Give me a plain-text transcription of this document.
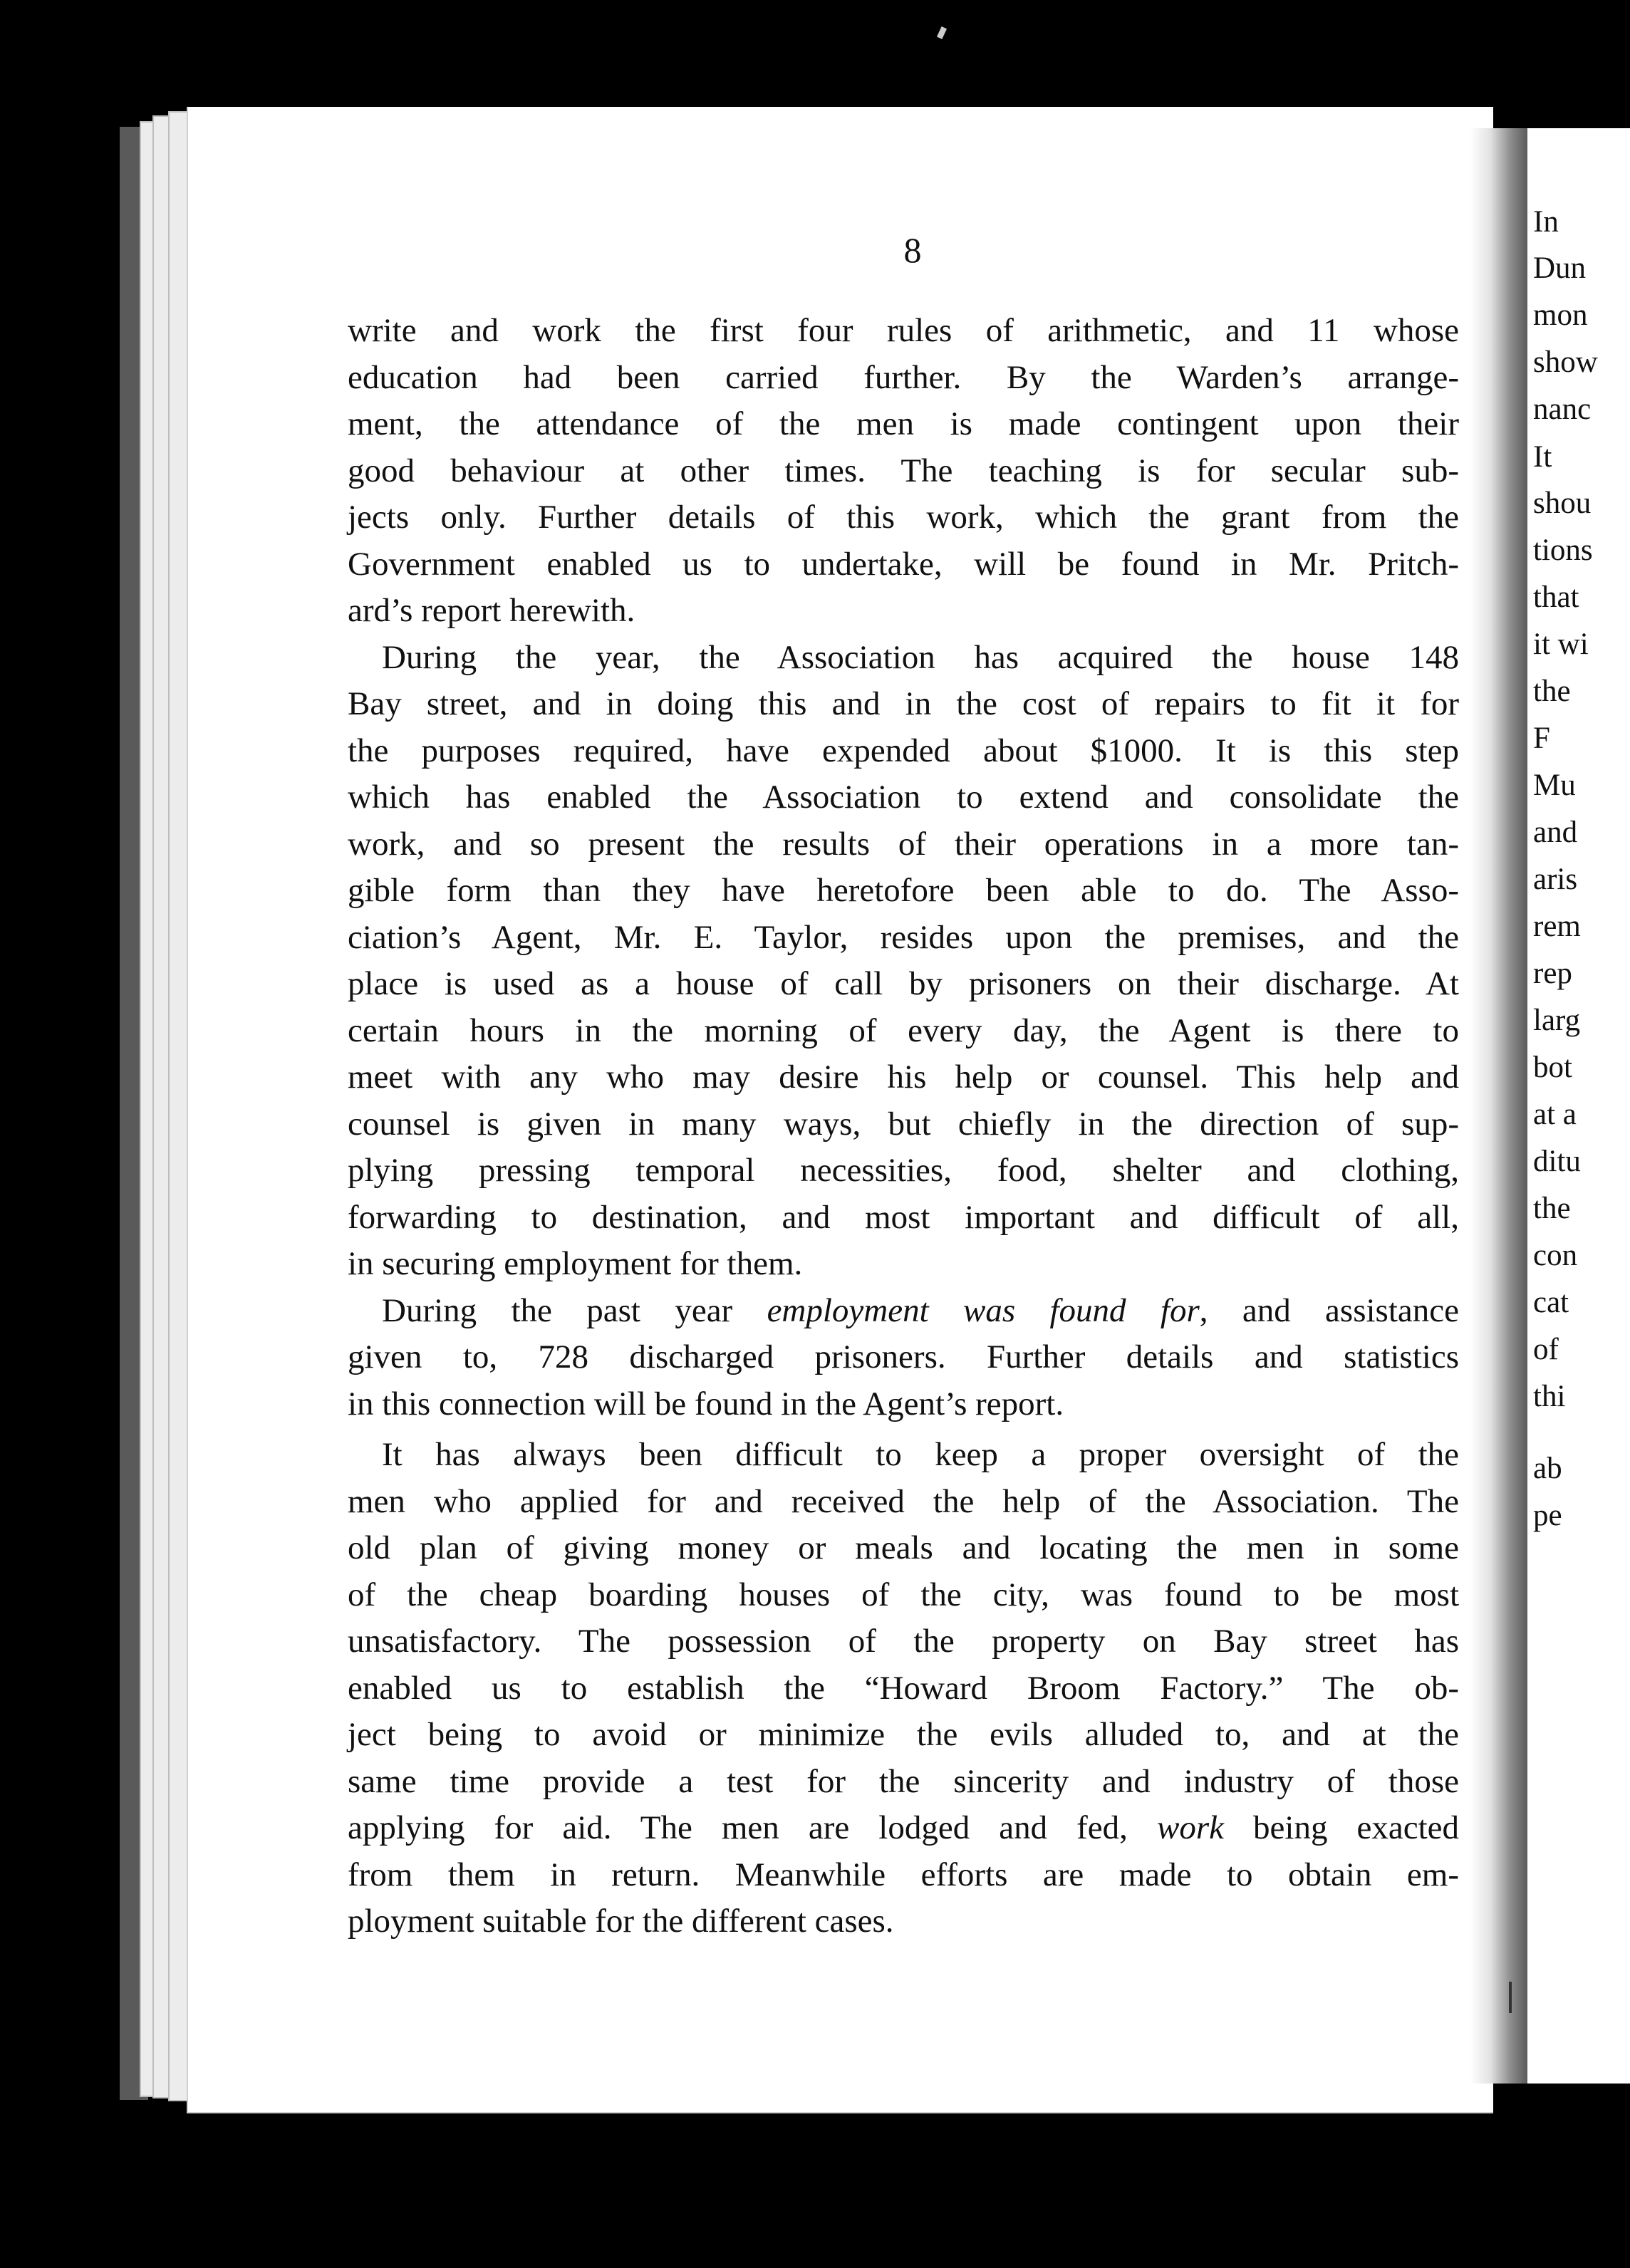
In
Dun
mon
show
nanc
It
shou
tions
that
it wi
the
F
Mu
and
aris
rem
rep
larg
bot
at a
ditu
the
con
cat
of
thi
ab
pe
8
write and work the first four rules of arithmetic, and 11 whose
education had been carried further. By the Warden’s arrange-
ment, the attendance of the men is made contingent upon their
good behaviour at other times. The teaching is for secular sub-
jects only. Further details of this work, which the grant from the
Government enabled us to undertake, will be found in Mr. Pritch-
ard’s report herewith.
During the year, the Association has acquired the house 148
Bay street, and in doing this and in the cost of repairs to fit it for
the purposes required, have expended about $1000. It is this step
which has enabled the Association to extend and consolidate the
work, and so present the results of their operations in a more tan-
gible form than they have heretofore been able to do. The Asso-
ciation’s Agent, Mr. E. Taylor, resides upon the premises, and the
place is used as a house of call by prisoners on their discharge. At
certain hours in the morning of every day, the Agent is there to
meet with any who may desire his help or counsel. This help and
counsel is given in many ways, but chiefly in the direction of sup-
plying pressing temporal necessities, food, shelter and clothing,
forwarding to destination, and most important and difficult of all,
in securing employment for them.
During the past year employment was found for, and assistance
given to, 728 discharged prisoners. Further details and statistics
in this connection will be found in the Agent’s report.
It has always been difficult to keep a proper oversight of the
men who applied for and received the help of the Association. The
old plan of giving money or meals and locating the men in some
of the cheap boarding houses of the city, was found to be most
unsatisfactory. The possession of the property on Bay street has
enabled us to establish the “Howard Broom Factory.” The ob-
ject being to avoid or minimize the evils alluded to, and at the
same time provide a test for the sincerity and industry of those
applying for aid. The men are lodged and fed, work being exacted
from them in return. Meanwhile efforts are made to obtain em-
ployment suitable for the different cases.
